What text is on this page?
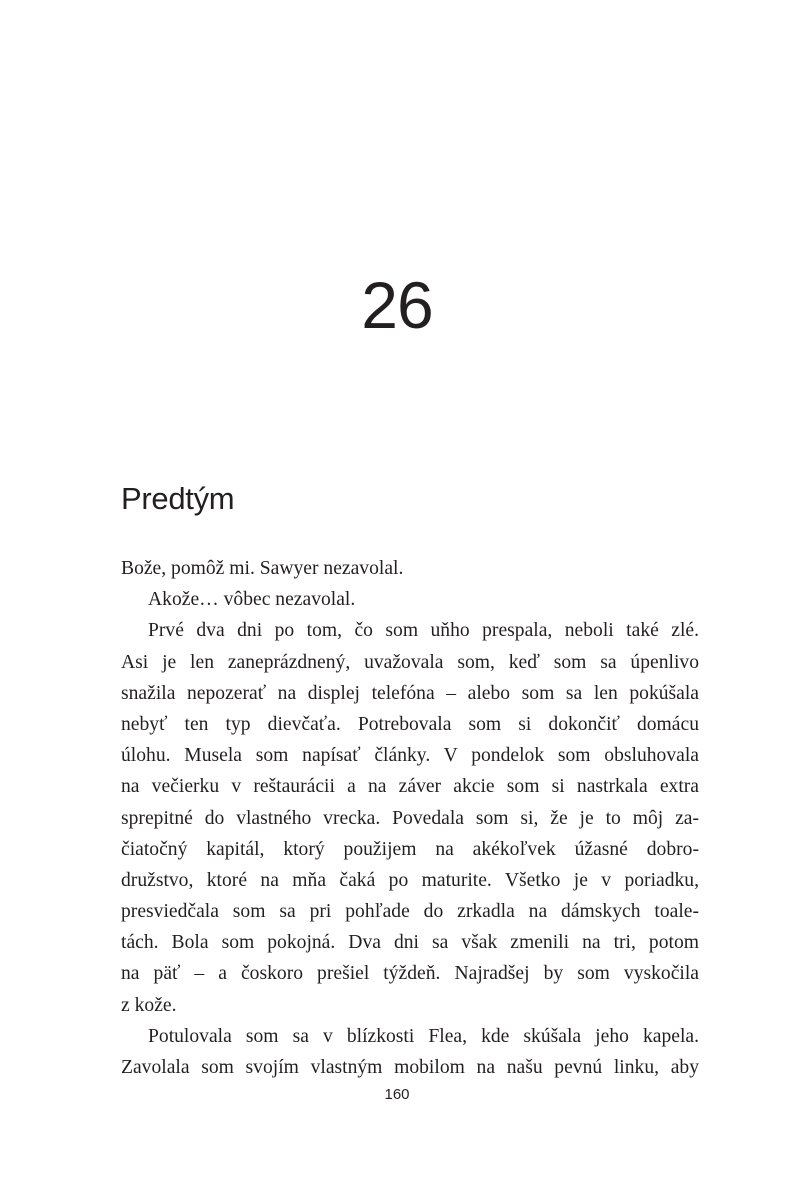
26
Predtým
Bože, pomôž mi. Sawyer nezavolal.
Akože… vôbec nezavolal.
Prvé dva dni po tom, čo som uňho prespala, neboli také zlé.
Asi je len zaneprázdnený, uvažovala som, keď som sa úpenlivo
snažila nepozerať na displej telefóna – alebo som sa len pokúšala
nebyť ten typ dievčaťa. Potrebovala som si dokončiť domácu
úlohu. Musela som napísať články. V pondelok som obsluhovala
na večierku v reštaurácii a na záver akcie som si nastrkala extra
sprepitné do vlastného vrecka. Povedala som si, že je to môj za-
čiatočný kapitál, ktorý použijem na akékoľvek úžasné dobro-
družstvo, ktoré na mňa čaká po maturite. Všetko je v poriadku,
presviedčala som sa pri pohľade do zrkadla na dámskych toale-
tách. Bola som pokojná. Dva dni sa však zmenili na tri, potom
na päť – a čoskoro prešiel týždeň. Najradšej by som vyskočila
z kože.
Potulovala som sa v blízkosti Flea, kde skúšala jeho kapela.
Zavolala som svojím vlastným mobilom na našu pevnú linku, aby
160
